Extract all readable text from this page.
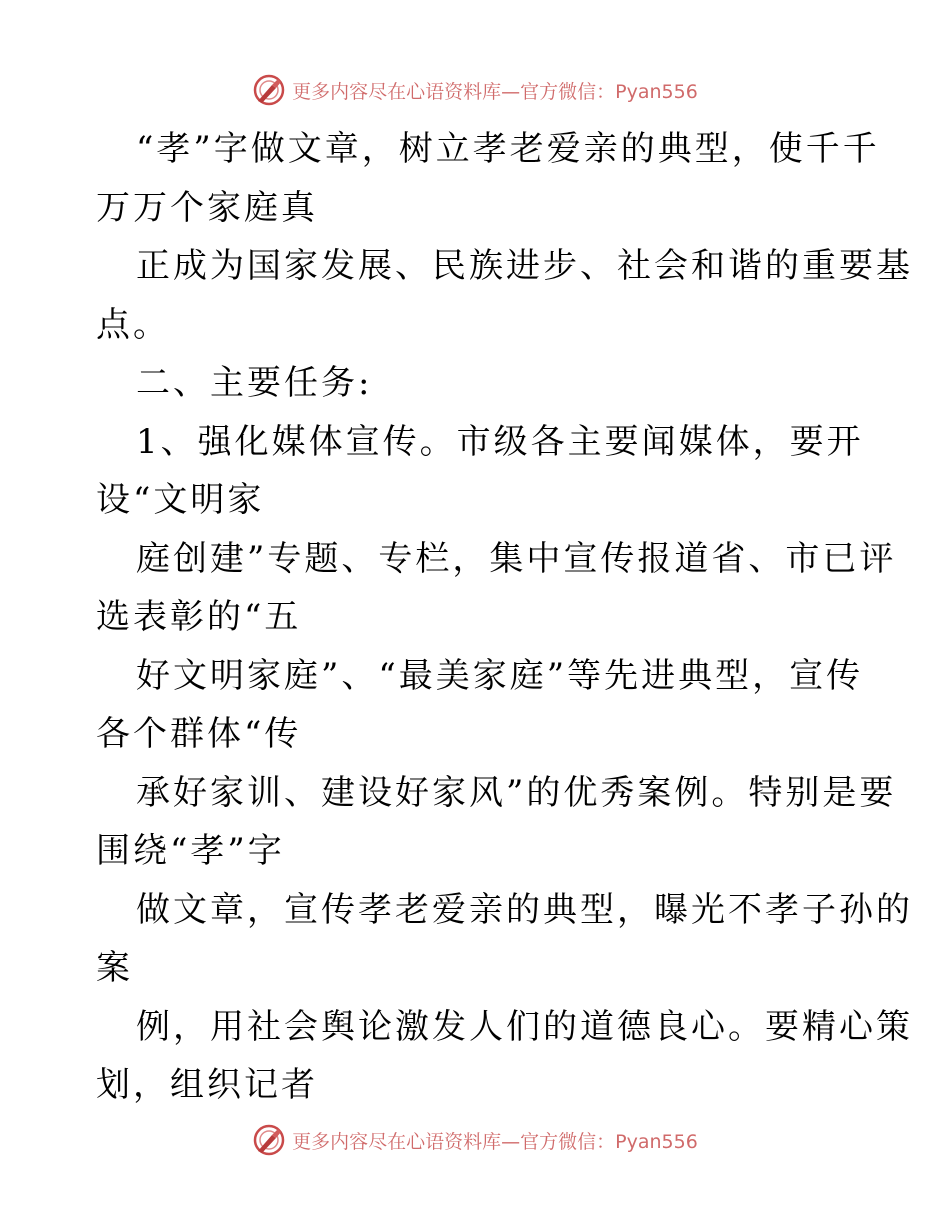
更多内容尽在心语资料库—官方微信：Pyan556
“孝”字做文章，树立孝老爱亲的典型，使千千
万万个家庭真
正成为国家发展、民族进步、社会和谐的重要基
点。
二、主要任务:
1、强化媒体宣传。市级各主要闻媒体，要开
设“文明家
庭创建”专题、专栏，集中宣传报道省、市已评
选表彰的“五
好文明家庭”、“最美家庭”等先进典型，宣传
各个群体“传
承好家训、建设好家风”的优秀案例。特别是要
围绕“孝”字
做文章，宣传孝老爱亲的典型，曝光不孝子孙的
案
例，用社会舆论激发人们的道德良心。要精心策
划，组织记者
更多内容尽在心语资料库—官方微信：Pyan556
